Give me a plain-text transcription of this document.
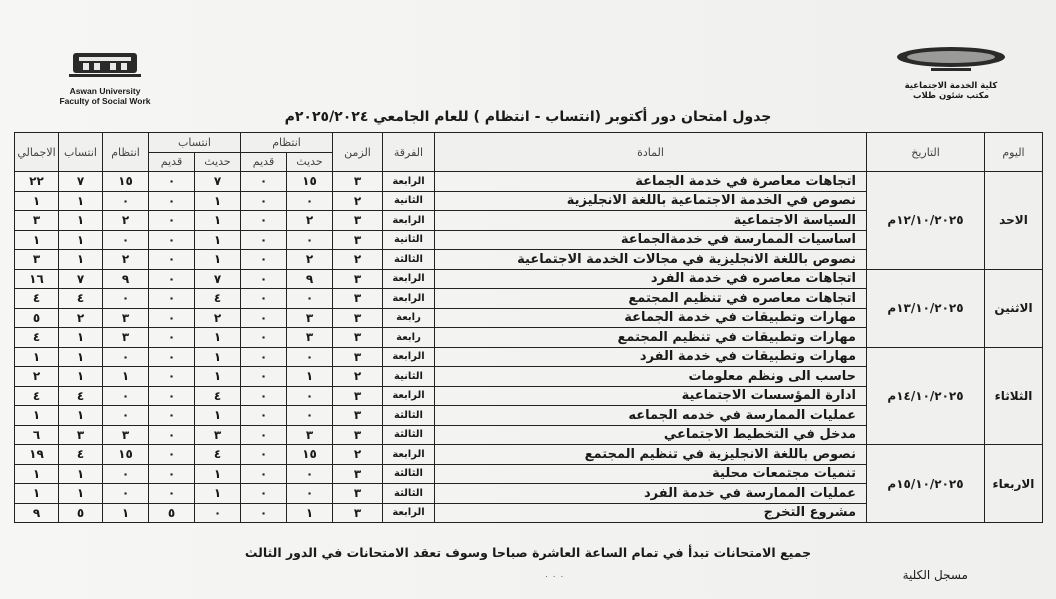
Aswan University
Faculty of Social Work
كلية الخدمة الاجتماعية
مكتب شئون طلاب
جدول امتحان دور أكتوبر (انتساب - انتظام ) للعام الجامعي ٢٠٢٥/٢٠٢٤م
اليوم	التاريخ	المادة	الفرقة	الزمن	انتظام		انتساب		انتظام	انتساب	الاجمالي
					حديث	قديم	حديث	قديم			
الاحد	١٢/١٠/٢٠٢٥م	اتجاهات معاصرة في خدمة الجماعة	الرابعة	٣	١٥	٠	٧	٠	١٥	٧	٢٢
		نصوص في الخدمة الاجتماعية باللغة الانجليزية	الثانية	٢	٠	٠	١	٠	٠	١	١
		السياسة الاجتماعية	الرابعة	٣	٢	٠	١	٠	٢	١	٣
		اساسيات الممارسة في خدمةالجماعة	الثانية	٣	٠	٠	١	٠	٠	١	١
		نصوص باللغة الانجليزية في مجالات الخدمة الاجتماعية	الثالثة	٢	٢	٠	١	٠	٢	١	٣
الاثنين	١٣/١٠/٢٠٢٥م	اتجاهات معاصره في خدمة الفرد	الرابعة	٣	٩	٠	٧	٠	٩	٧	١٦
		اتجاهات معاصره في تنظيم المجتمع	الرابعة	٣	٠	٠	٤	٠	٠	٤	٤
		مهارات وتطبيقات في خدمة الجماعة	رابعة	٣	٣	٠	٢	٠	٣	٢	٥
		مهارات وتطبيقات في تنظيم المجتمع	رابعة	٣	٣	٠	١	٠	٣	١	٤
الثلاثاء	١٤/١٠/٢٠٢٥م	مهارات وتطبيقات في خدمة الفرد	الرابعة	٣	٠	٠	١	٠	٠	١	١
		حاسب الى ونظم معلومات	الثانية	٢	١	٠	١	٠	١	١	٢
		ادارة المؤسسات الاجتماعية	الرابعة	٣	٠	٠	٤	٠	٠	٤	٤
		عمليات الممارسة في خدمه الجماعه	الثالثة	٣	٠	٠	١	٠	٠	١	١
		مدخل في التخطيط الاجتماعي	الثالثة	٣	٣	٠	٣	٠	٣	٣	٦
الاربعاء	١٥/١٠/٢٠٢٥م	نصوص باللغة الانجليزية في تنظيم المجتمع	الرابعة	٢	١٥	٠	٤	٠	١٥	٤	١٩
		تنميات مجتمعات محلية	الثالثة	٣	٠	٠	١	٠	٠	١	١
		عمليات الممارسة في خدمة الفرد	الثالثة	٣	٠	٠	١	٠	٠	١	١
		مشروع التخرج	الرابعة	٣	١	٠	٠	٥	١	٥	٩
جميع الامتحانات تبدأ في تمام الساعة العاشرة صباحا وسوف تعقد الامتحانات في الدور الثالث
. . .	مسجل الكلية
